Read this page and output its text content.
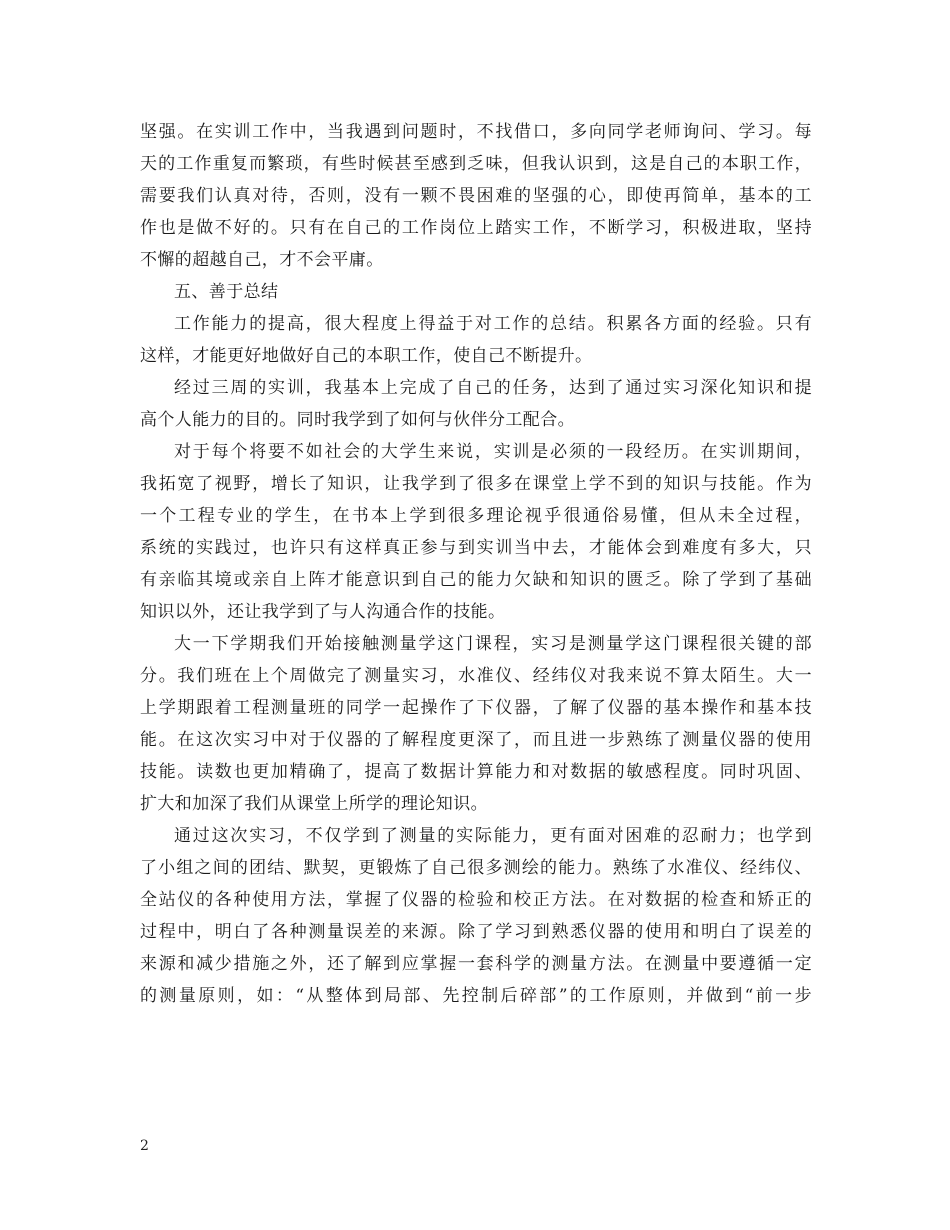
坚强。在实训工作中，当我遇到问题时，不找借口，多向同学老师询问、学习。每
天的工作重复而繁琐，有些时候甚至感到乏味，但我认识到，这是自己的本职工作，
需要我们认真对待，否则，没有一颗不畏困难的坚强的心，即使再简单，基本的工
作也是做不好的。只有在自己的工作岗位上踏实工作，不断学习，积极进取，坚持
不懈的超越自己，才不会平庸。
五、善于总结
工作能力的提高，很大程度上得益于对工作的总结。积累各方面的经验。只有
这样，才能更好地做好自己的本职工作，使自己不断提升。
经过三周的实训，我基本上完成了自己的任务，达到了通过实习深化知识和提
高个人能力的目的。同时我学到了如何与伙伴分工配合。
对于每个将要不如社会的大学生来说，实训是必须的一段经历。在实训期间，
我拓宽了视野，增长了知识，让我学到了很多在课堂上学不到的知识与技能。作为
一个工程专业的学生，在书本上学到很多理论视乎很通俗易懂，但从未全过程，
系统的实践过，也许只有这样真正参与到实训当中去，才能体会到难度有多大，只
有亲临其境或亲自上阵才能意识到自己的能力欠缺和知识的匮乏。除了学到了基础
知识以外，还让我学到了与人沟通合作的技能。
大一下学期我们开始接触测量学这门课程，实习是测量学这门课程很关键的部
分。我们班在上个周做完了测量实习，水准仪、经纬仪对我来说不算太陌生。大一
上学期跟着工程测量班的同学一起操作了下仪器，了解了仪器的基本操作和基本技
能。在这次实习中对于仪器的了解程度更深了，而且进一步熟练了测量仪器的使用
技能。读数也更加精确了，提高了数据计算能力和对数据的敏感程度。同时巩固、
扩大和加深了我们从课堂上所学的理论知识。
通过这次实习，不仅学到了测量的实际能力，更有面对困难的忍耐力；也学到
了小组之间的团结、默契，更锻炼了自己很多测绘的能力。熟练了水准仪、经纬仪、
全站仪的各种使用方法，掌握了仪器的检验和校正方法。在对数据的检查和矫正的
过程中，明白了各种测量误差的来源。除了学习到熟悉仪器的使用和明白了误差的
来源和减少措施之外，还了解到应掌握一套科学的测量方法。在测量中要遵循一定
的测量原则，如：“从整体到局部、先控制后碎部”的工作原则，并做到“前一步
2
